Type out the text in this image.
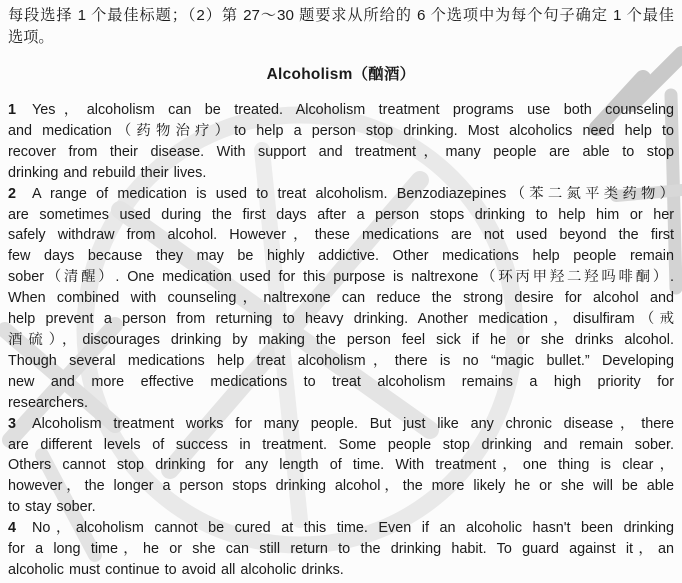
每段选择 1 个最佳标题；（2）第 27～30 题要求从所给的 6 个选项中为每个句子确定 1 个最佳
选项。
Alcoholism（酗酒）
1 Yes，alcoholism can be treated. Alcoholism treatment programs use both counseling
and medication（药物治疗）to help a person stop drinking. Most alcoholics need help to
recover from their disease. With support and treatment，many people are able to stop
drinking and rebuild their lives.
2 A range of medication is used to treat alcoholism. Benzodiazepines（苯二氮平类药物）
are sometimes used during the first days after a person stops drinking to help him or her
safely withdraw from alcohol. However，these medications are not used beyond the first
few days because they may be highly addictive. Other medications help people remain
sober（清醒）. One medication used for this purpose is naltrexone（环丙甲羟二羟吗啡酮）.
When combined with counseling，naltrexone can reduce the strong desire for alcohol and
help prevent a person from returning to heavy drinking. Another medication，disulfiram（戒
酒硫），discourages drinking by making the person feel sick if he or she drinks alcohol.
Though several medications help treat alcoholism，there is no “magic bullet.” Developing
new and more effective medications to treat alcoholism remains a high priority for
researchers.
3 Alcoholism treatment works for many people. But just like any chronic disease，there
are different levels of success in treatment. Some people stop drinking and remain sober.
Others cannot stop drinking for any length of time. With treatment，one thing is clear，
however，the longer a person stops drinking alcohol，the more likely he or she will be able
to stay sober.
4 No，alcoholism cannot be cured at this time. Even if an alcoholic hasn't been drinking
for a long time，he or she can still return to the drinking habit. To guard against it，an
alcoholic must continue to avoid all alcoholic drinks.
